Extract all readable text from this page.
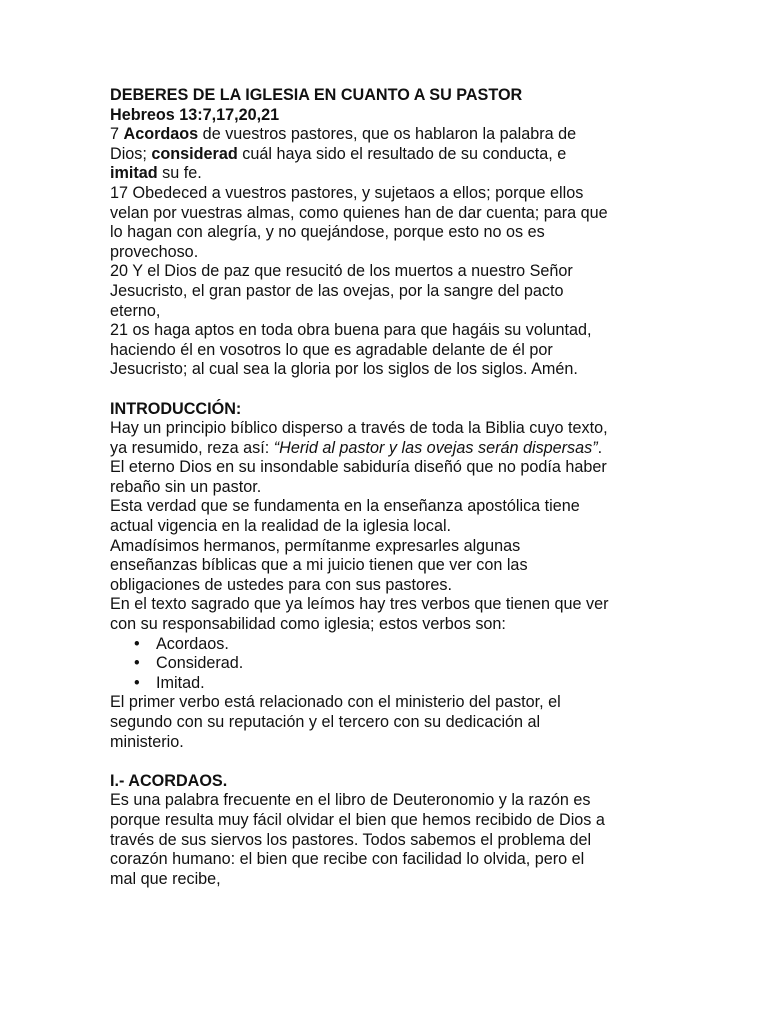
DEBERES DE LA IGLESIA EN CUANTO A SU PASTOR

Hebreos 13:7,17,20,21

7 Acordaos de vuestros pastores, que os hablaron la palabra de Dios; considerad cuál haya sido el resultado de su conducta, e imitad su fe.

17 Obedeced a vuestros pastores, y sujetaos a ellos; porque ellos velan por vuestras almas, como quienes han de dar cuenta; para que lo hagan con alegría, y no quejándose, porque esto no os es provechoso.

20 Y el Dios de paz que resucitó de los muertos a nuestro Señor Jesucristo, el gran pastor de las ovejas, por la sangre del pacto eterno,

21 os haga aptos en toda obra buena para que hagáis su voluntad, haciendo él en vosotros lo que es agradable delante de él por Jesucristo; al cual sea la gloria por los siglos de los siglos. Amén.

INTRODUCCIÓN:

Hay un principio bíblico disperso a través de toda la Biblia cuyo texto, ya resumido, reza así: “Herid al pastor y las ovejas serán dispersas”. El eterno Dios en su insondable sabiduría diseñó que no podía haber rebaño sin un pastor.

Esta verdad que se fundamenta en la enseñanza apostólica tiene actual vigencia en la realidad de la iglesia local.

Amadísimos hermanos, permítanme expresarles algunas enseñanzas bíblicas que a mi juicio tienen que ver con las obligaciones de ustedes para con sus pastores.

En el texto sagrado que ya leímos hay tres verbos que tienen que ver con su responsabilidad como iglesia; estos verbos son:

• Acordaos.
• Considerad.
• Imitad.

El primer verbo está relacionado con el ministerio del pastor, el segundo con su reputación y el tercero con su dedicación al ministerio.

I.- ACORDAOS.

Es una palabra frecuente en el libro de Deuteronomio y la razón es porque resulta muy fácil olvidar el bien que hemos recibido de Dios a través de sus siervos los pastores. Todos sabemos el problema del corazón humano: el bien que recibe con facilidad lo olvida, pero el mal que recibe,
